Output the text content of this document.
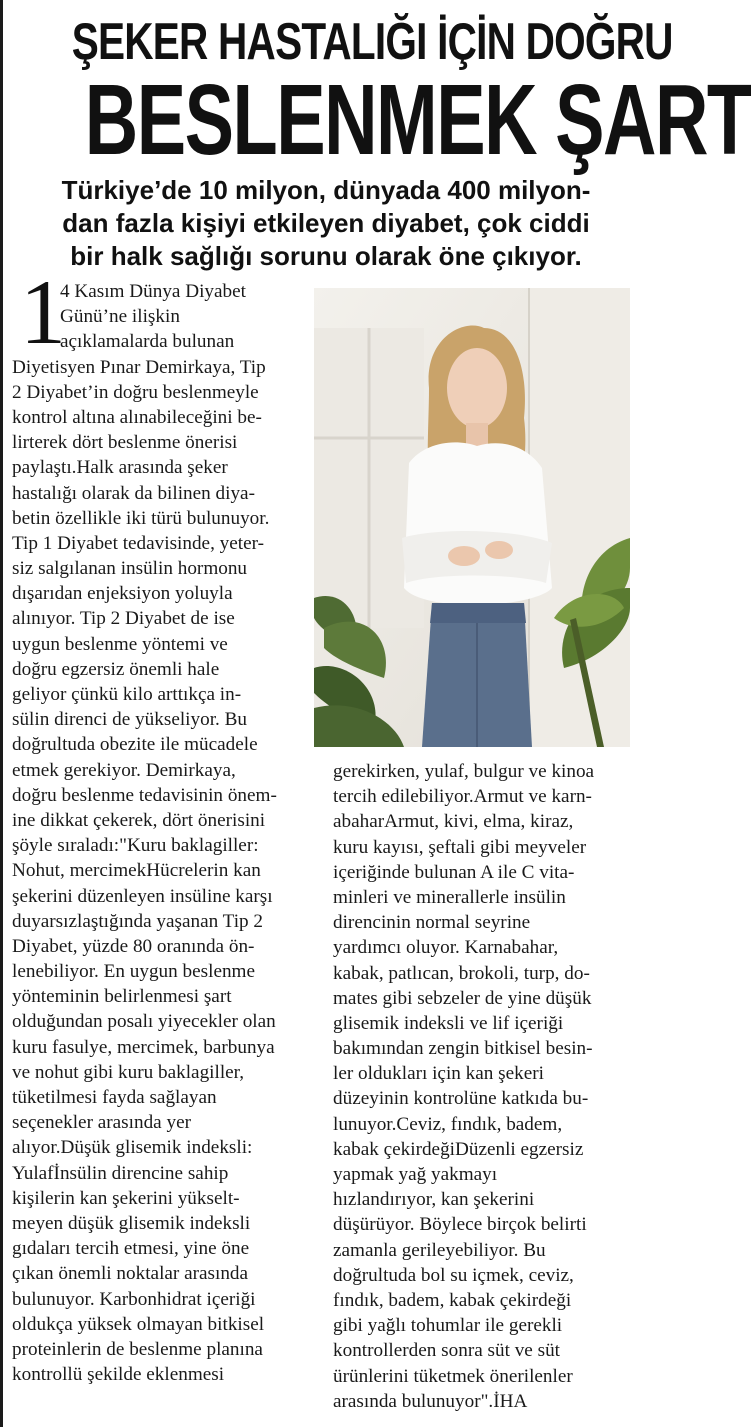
ŞEKER HASTALIĞI İÇİN DOĞRU
BESLENMEK ŞART
Türkiye’de 10 milyon, dünyada 400 milyon-
dan fazla kişiyi etkileyen diyabet, çok ciddi
bir halk sağlığı sorunu olarak öne çıkıyor.
1
4 Kasım Dünya Diyabet
Günü’ne ilişkin
açıklamalarda bulunan
Diyetisyen Pınar Demirkaya, Tip
2 Diyabet’in doğru beslenmeyle
kontrol altına alınabileceğini be-
lirterek dört beslenme önerisi
paylaştı.Halk arasında şeker
hastalığı olarak da bilinen diya-
betin özellikle iki türü bulunuyor.
Tip 1 Diyabet tedavisinde, yeter-
siz salgılanan insülin hormonu
dışarıdan enjeksiyon yoluyla
alınıyor. Tip 2 Diyabet de ise
uygun beslenme yöntemi ve
doğru egzersiz önemli hale
geliyor çünkü kilo arttıkça in-
sülin direnci de yükseliyor. Bu
doğrultuda obezite ile mücadele
etmek gerekiyor. Demirkaya,
doğru beslenme tedavisinin önem-
ine dikkat çekerek, dört önerisini
şöyle sıraladı:"Kuru baklagiller:
Nohut, mercimekHücrelerin kan
şekerini düzenleyen insüline karşı
duyarsızlaştığında yaşanan Tip 2
Diyabet, yüzde 80 oranında ön-
lenebiliyor. En uygun beslenme
yönteminin belirlenmesi şart
olduğundan posalı yiyecekler olan
kuru fasulye, mercimek, barbunya
ve nohut gibi kuru baklagiller,
tüketilmesi fayda sağlayan
seçenekler arasında yer
alıyor.Düşük glisemik indeksli:
Yulafİnsülin direncine sahip
kişilerin kan şekerini yükselt-
meyen düşük glisemik indeksli
gıdaları tercih etmesi, yine öne
çıkan önemli noktalar arasında
bulunuyor. Karbonhidrat içeriği
oldukça yüksek olmayan bitkisel
proteinlerin de beslenme planına
kontrollü şekilde eklenmesi
gerekirken, yulaf, bulgur ve kinoa
tercih edilebiliyor.Armut ve karn-
abaharArmut, kivi, elma, kiraz,
kuru kayısı, şeftali gibi meyveler
içeriğinde bulunan A ile C vita-
minleri ve minerallerle insülin
direncinin normal seyrine
yardımcı oluyor. Karnabahar,
kabak, patlıcan, brokoli, turp, do-
mates gibi sebzeler de yine düşük
glisemik indeksli ve lif içeriği
bakımından zengin bitkisel besin-
ler oldukları için kan şekeri
düzeyinin kontrolüne katkıda bu-
lunuyor.Ceviz, fındık, badem,
kabak çekirdeğiDüzenli egzersiz
yapmak yağ yakmayı
hızlandırıyor, kan şekerini
düşürüyor. Böylece birçok belirti
zamanla gerileyebiliyor. Bu
doğrultuda bol su içmek, ceviz,
fındık, badem, kabak çekirdeği
gibi yağlı tohumlar ile gerekli
kontrollerden sonra süt ve süt
ürünlerini tüketmek önerilenler
arasında bulunuyor".İHA
